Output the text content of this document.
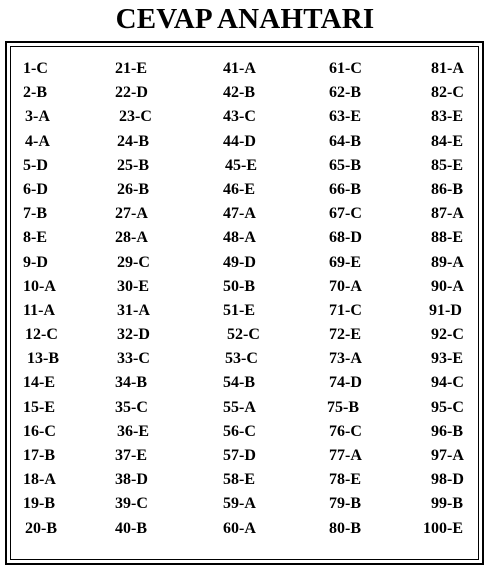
CEVAP ANAHTARI
1-C
2-B
3-A
4-A
5-D
6-D
7-B
8-E
9-D
10-A
11-A
12-C
13-B
14-E
15-E
16-C
17-B
18-A
19-B
20-B
21-E
22-D
23-C
24-B
25-B
26-B
27-A
28-A
29-C
30-E
31-A
32-D
33-C
34-B
35-C
36-E
37-E
38-D
39-C
40-B
41-A
42-B
43-C
44-D
45-E
46-E
47-A
48-A
49-D
50-B
51-E
52-C
53-C
54-B
55-A
56-C
57-D
58-E
59-A
60-A
61-C
62-B
63-E
64-B
65-B
66-B
67-C
68-D
69-E
70-A
71-C
72-E
73-A
74-D
75-B
76-C
77-A
78-E
79-B
80-B
81-A
82-C
83-E
84-E
85-E
86-B
87-A
88-E
89-A
90-A
91-D
92-C
93-E
94-C
95-C
96-B
97-A
98-D
99-B
100-E
